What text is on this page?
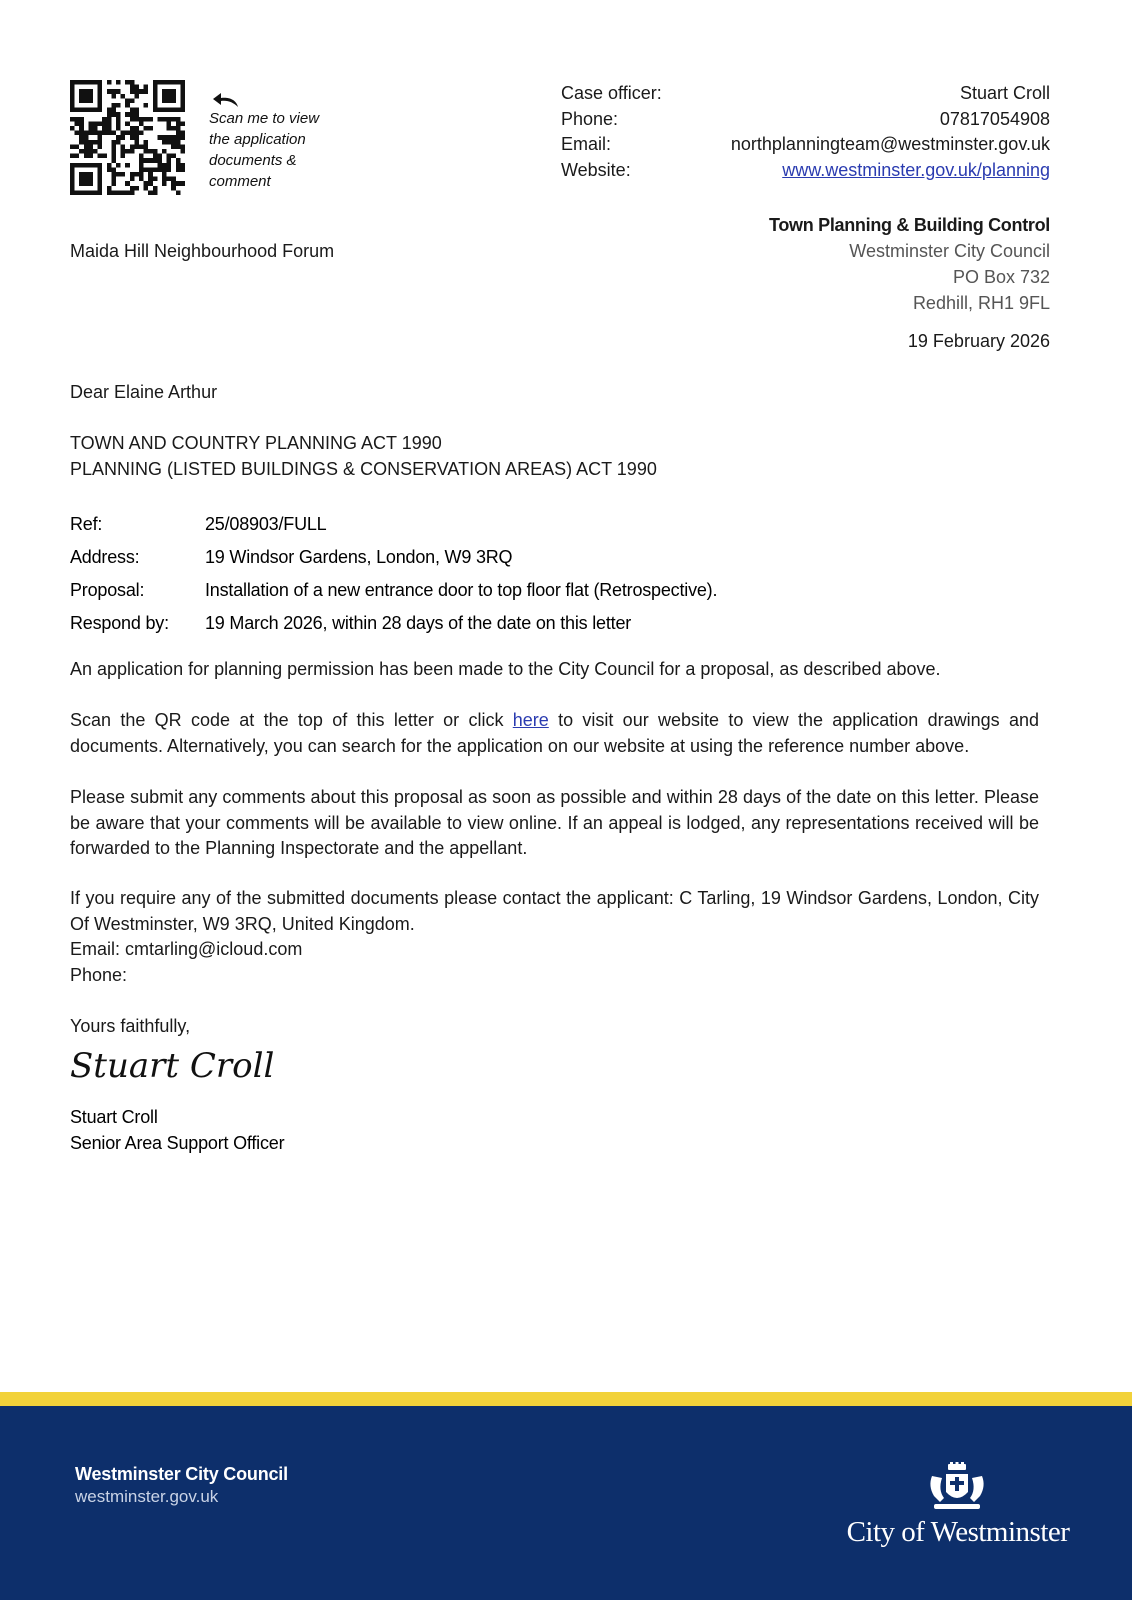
Scan me to view
the application
documents &
comment
Case officer:	Stuart Croll
Phone:	07817054908
Email:	northplanningteam@westminster.gov.uk
Website:	www.westminster.gov.uk/planning
Maida Hill Neighbourhood Forum
Town Planning & Building Control
Westminster City Council
PO Box 732
Redhill, RH1 9FL
19 February 2026
Dear Elaine Arthur
TOWN AND COUNTRY PLANNING ACT 1990
PLANNING (LISTED BUILDINGS & CONSERVATION AREAS) ACT 1990
Ref:	25/08903/FULL
Address:	19 Windsor Gardens, London, W9 3RQ
Proposal:	Installation of a new entrance door to top floor flat (Retrospective).
Respond by:	19 March 2026, within 28 days of the date on this letter
An application for planning permission has been made to the City Council for a proposal, as described above.
Scan the QR code at the top of this letter or click here to visit our website to view the application drawings and documents. Alternatively, you can search for the application on our website at using the reference number above.
Please submit any comments about this proposal as soon as possible and within 28 days of the date on this letter. Please be aware that your comments will be available to view online. If an appeal is lodged, any representations received will be forwarded to the Planning Inspectorate and the appellant.
If you require any of the submitted documents please contact the applicant: C Tarling, 19 Windsor Gardens, London, City Of Westminster, W9 3RQ, United Kingdom.
Email: cmtarling@icloud.com
Phone:
Yours faithfully,
Stuart Croll
Stuart Croll
Senior Area Support Officer
Westminster City Council
westminster.gov.uk
City of Westminster
